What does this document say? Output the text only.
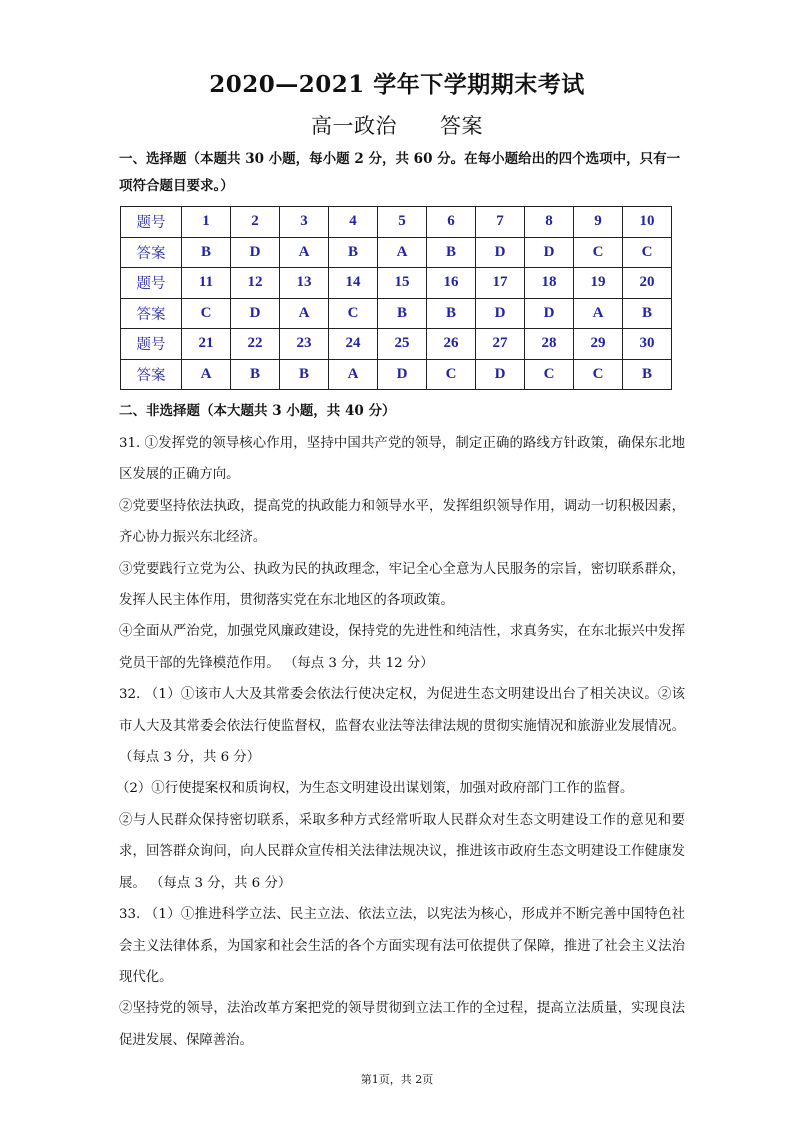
2020—2021 学年下学期期末考试
高一政治      答案
一、选择题（本题共 30 小题，每小题 2 分，共 60 分。在每小题给出的四个选项中，只有一项符合题目要求。）
题号	1	2	3	4	5	6	7	8	9	10
答案	B	D	A	B	A	B	D	D	C	C
题号	11	12	13	14	15	16	17	18	19	20
答案	C	D	A	C	B	B	D	D	A	B
题号	21	22	23	24	25	26	27	28	29	30
答案	A	B	B	A	D	C	D	C	C	B
二、非选择题（本大题共 3 小题，共 40 分）

31. ①发挥党的领导核心作用，坚持中国共产党的领导，制定正确的路线方针政策，确保东北地区发展的正确方向。

②党要坚持依法执政，提高党的执政能力和领导水平，发挥组织领导作用，调动一切积极因素，齐心协力振兴东北经济。

③党要践行立党为公、执政为民的执政理念，牢记全心全意为人民服务的宗旨，密切联系群众，发挥人民主体作用，贯彻落实党在东北地区的各项政策。

④全面从严治党，加强党风廉政建设，保持党的先进性和纯洁性，求真务实，在东北振兴中发挥党员干部的先锋模范作用。 （每点 3 分，共 12 分）

32. （1）①该市人大及其常委会依法行使决定权，为促进生态文明建设出台了相关决议。②该市人大及其常委会依法行使监督权，监督农业法等法律法规的贯彻实施情况和旅游业发展情况。（每点 3 分，共 6 分）

（2）①行使提案权和质询权，为生态文明建设出谋划策，加强对政府部门工作的监督。

②与人民群众保持密切联系，采取多种方式经常听取人民群众对生态文明建设工作的意见和要求，回答群众询问，向人民群众宣传相关法律法规决议，推进该市政府生态文明建设工作健康发展。 （每点 3 分，共 6 分）

33. （1）①推进科学立法、民主立法、依法立法，以宪法为核心，形成并不断完善中国特色社会主义法律体系，为国家和社会生活的各个方面实现有法可依提供了保障，推进了社会主义法治现代化。

②坚持党的领导，法治改革方案把党的领导贯彻到立法工作的全过程，提高立法质量，实现良法促进发展、保障善治。

第1页，共 2页
